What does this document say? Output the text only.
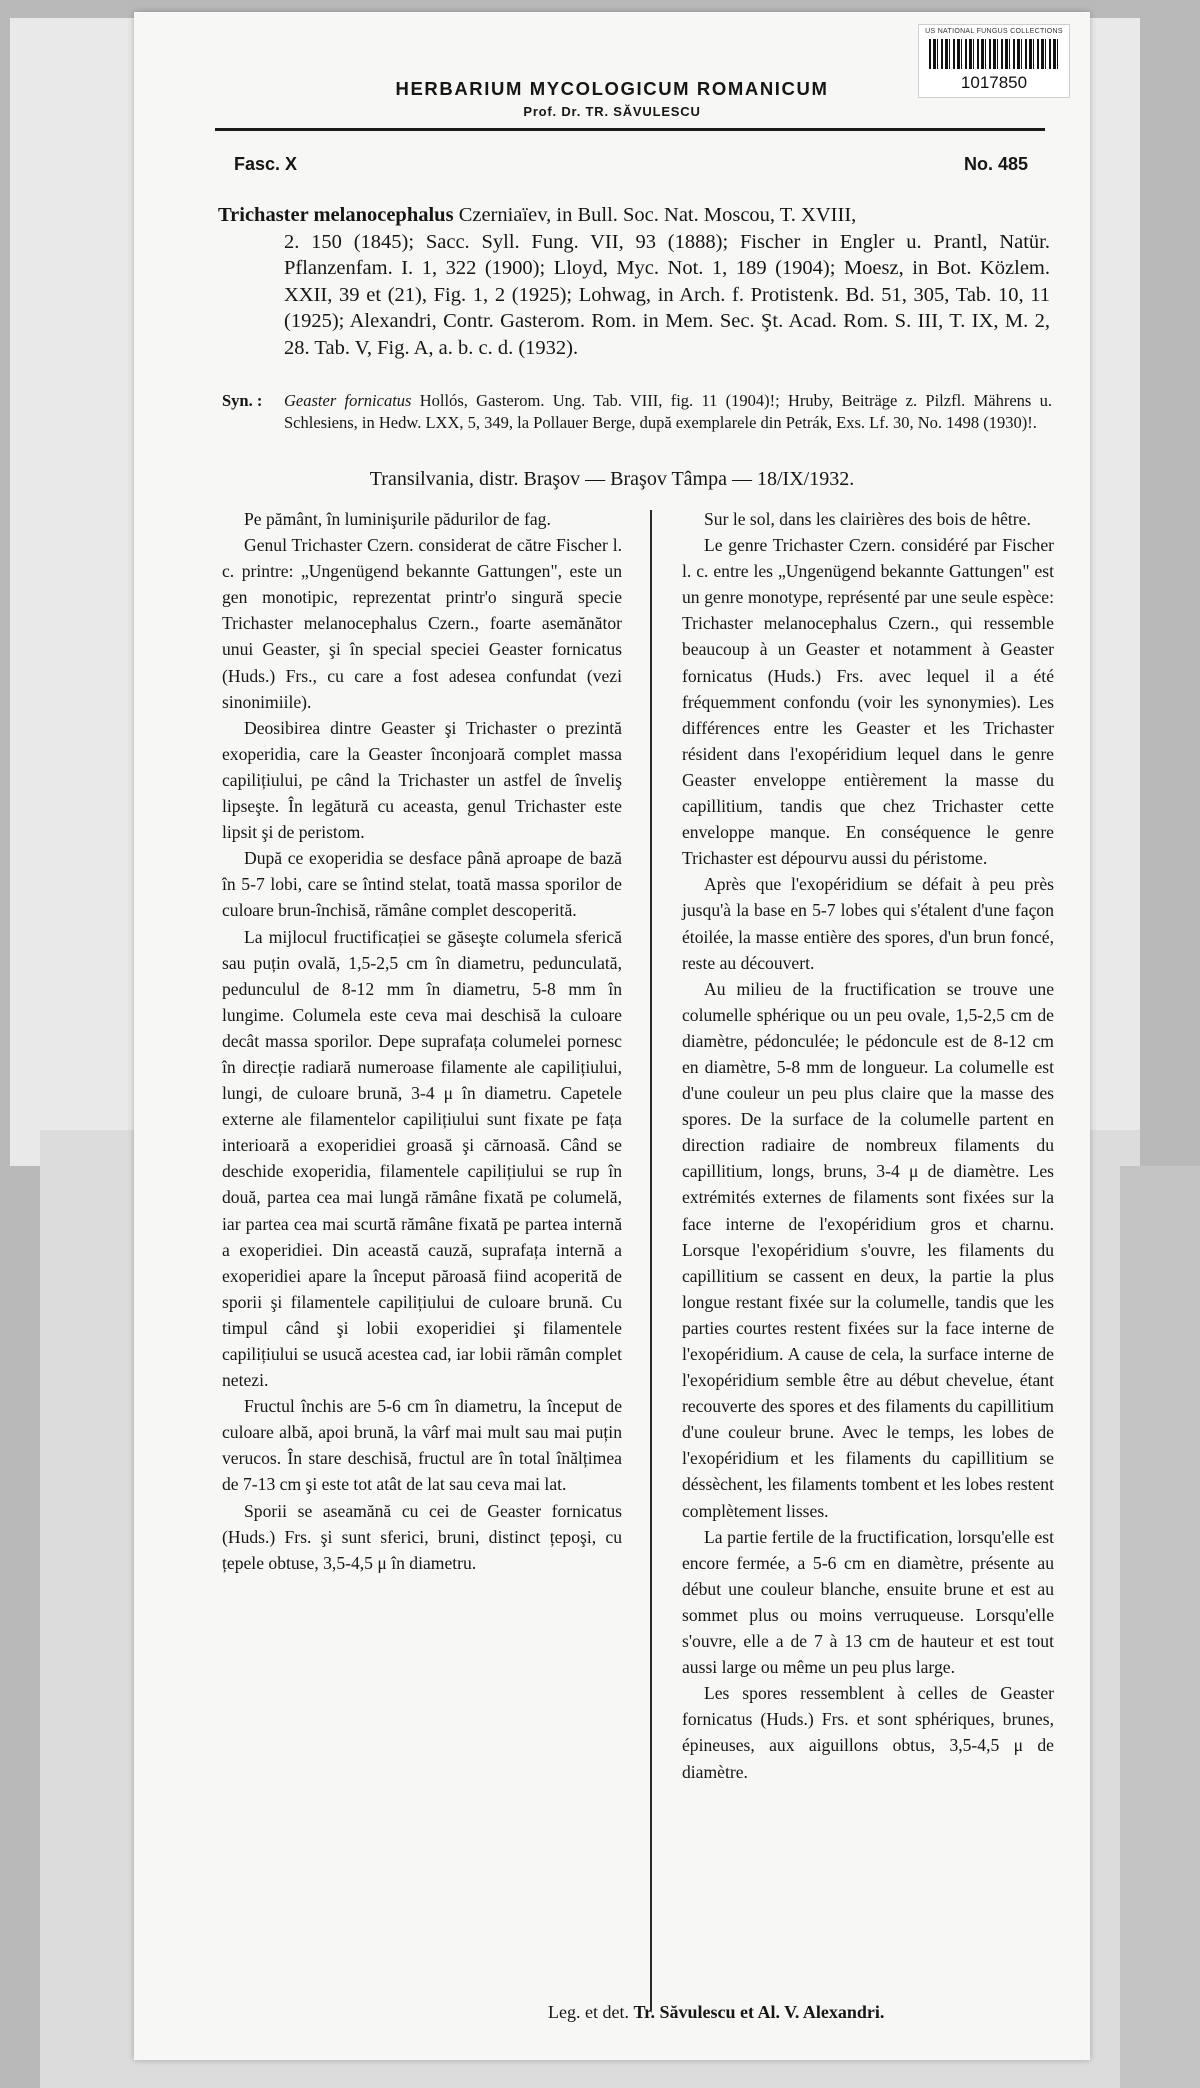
US NATIONAL FUNGUS COLLECTIONS
1017850
HERBARIUM MYCOLOGICUM ROMANICUM
Prof. Dr. TR. SĂVULESCU
Fasc. X	No. 485
Trichaster melanocephalus Czerniaïev, in Bull. Soc. Nat. Moscou, T. XVIII,
2. 150 (1845); Sacc. Syll. Fung. VII, 93 (1888); Fischer in Engler u. Prantl, Natür. Pflanzenfam. I. 1, 322 (1900); Lloyd, Myc. Not. 1, 189 (1904); Moesz, in Bot. Közlem. XXII, 39 et (21), Fig. 1, 2 (1925); Lohwag, in Arch. f. Protistenk. Bd. 51, 305, Tab. 10, 11 (1925); Alexandri, Contr. Gasterom. Rom. in Mem. Sec. Şt. Acad. Rom. S. III, T. IX, M. 2, 28. Tab. V, Fig. A, a. b. c. d. (1932).
Syn. :	Geaster fornicatus Hollós, Gasterom. Ung. Tab. VIII, fig. 11 (1904)!; Hruby, Beiträge z. Pilzfl. Mährens u. Schlesiens, in Hedw. LXX, 5, 349, la Pollauer Berge, după exemplarele din Petrák, Exs. Lf. 30, No. 1498 (1930)!.
Transilvania, distr. Braşov — Braşov Tâmpa — 18/IX/1932.

Pe pământ, în luminişurile pădurilor de fag.

Genul Trichaster Czern. considerat de către Fischer l. c. printre: „Ungenügend bekannte Gattungen", este un gen monotipic, reprezentat printr'o singură specie Trichaster melanocephalus Czern., foarte asemănător unui Geaster, şi în special speciei Geaster fornicatus (Huds.) Frs., cu care a fost adesea confundat (vezi sinonimiile).

Deosibirea dintre Geaster şi Trichaster o prezintă exoperidia, care la Geaster înconjoară complet massa capilițiului, pe când la Trichaster un astfel de înveliş lipseşte. În legătură cu aceasta, genul Trichaster este lipsit şi de peristom.

După ce exoperidia se desface până aproape de bază în 5-7 lobi, care se întind stelat, toată massa sporilor de culoare brun-închisă, rămâne complet descoperită.

La mijlocul fructificației se găseşte columela sferică sau puțin ovală, 1,5-2,5 cm în diametru, pedunculată, pedunculul de 8-12 mm în diametru, 5-8 mm în lungime. Columela este ceva mai deschisă la culoare decât massa sporilor. Depe suprafața columelei pornesc în direcție radiară numeroase filamente ale capilițiului, lungi, de culoare brună, 3-4 μ în diametru. Capetele externe ale filamentelor capilițiului sunt fixate pe fața interioară a exoperidiei groasă şi cărnoasă. Când se deschide exoperidia, filamentele capilițiului se rup în două, partea cea mai lungă rămâne fixată pe columelă, iar partea cea mai scurtă rămâne fixată pe partea internă a exoperidiei. Din această cauză, suprafața internă a exoperidiei apare la început păroasă fiind acoperită de sporii şi filamentele capilițiului de culoare brună. Cu timpul când şi lobii exoperidiei şi filamentele capilițiului se usucă acestea cad, iar lobii rămân complet netezi.

Fructul închis are 5-6 cm în diametru, la început de culoare albă, apoi brună, la vârf mai mult sau mai puțin verucos. În stare deschisă, fructul are în total înălțimea de 7-13 cm şi este tot atât de lat sau ceva mai lat.

Sporii se aseamănă cu cei de Geaster fornicatus (Huds.) Frs. şi sunt sferici, bruni, distinct țepoşi, cu țepele obtuse, 3,5-4,5 μ în diametru.

Sur le sol, dans les clairières des bois de hêtre.

Le genre Trichaster Czern. considéré par Fischer l. c. entre les „Ungenügend bekannte Gattungen" est un genre monotype, représenté par une seule espèce: Trichaster melanocephalus Czern., qui ressemble beaucoup à un Geaster et notamment à Geaster fornicatus (Huds.) Frs. avec lequel il a été fréquemment confondu (voir les synonymies). Les différences entre les Geaster et les Trichaster résident dans l'exopéridium lequel dans le genre Geaster enveloppe entièrement la masse du capillitium, tandis que chez Trichaster cette enveloppe manque. En conséquence le genre Trichaster est dépourvu aussi du péristome.

Après que l'exopéridium se défait à peu près jusqu'à la base en 5-7 lobes qui s'étalent d'une façon étoilée, la masse entière des spores, d'un brun foncé, reste au découvert.

Au milieu de la fructification se trouve une columelle sphérique ou un peu ovale, 1,5-2,5 cm de diamètre, pédonculée; le pédoncule est de 8-12 cm en diamètre, 5-8 mm de longueur. La columelle est d'une couleur un peu plus claire que la masse des spores. De la surface de la columelle partent en direction radiaire de nombreux filaments du capillitium, longs, bruns, 3-4 μ de diamètre. Les extrémités externes de filaments sont fixées sur la face interne de l'exopéridium gros et charnu. Lorsque l'exopéridium s'ouvre, les filaments du capillitium se cassent en deux, la partie la plus longue restant fixée sur la columelle, tandis que les parties courtes restent fixées sur la face interne de l'exopéridium. A cause de cela, la surface interne de l'exopéridium semble être au début chevelue, étant recouverte des spores et des filaments du capillitium d'une couleur brune. Avec le temps, les lobes de l'exopéridium et les filaments du capillitium se déssèchent, les filaments tombent et les lobes restent complètement lisses.

La partie fertile de la fructification, lorsqu'elle est encore fermée, a 5-6 cm en diamètre, présente au début une couleur blanche, ensuite brune et est au sommet plus ou moins verruqueuse. Lorsqu'elle s'ouvre, elle a de 7 à 13 cm de hauteur et est tout aussi large ou même un peu plus large.

Les spores ressemblent à celles de Geaster fornicatus (Huds.) Frs. et sont sphériques, brunes, épineuses, aux aiguillons obtus, 3,5-4,5 μ de diamètre.

Leg. et det. Tr. Săvulescu et Al. V. Alexandri.
